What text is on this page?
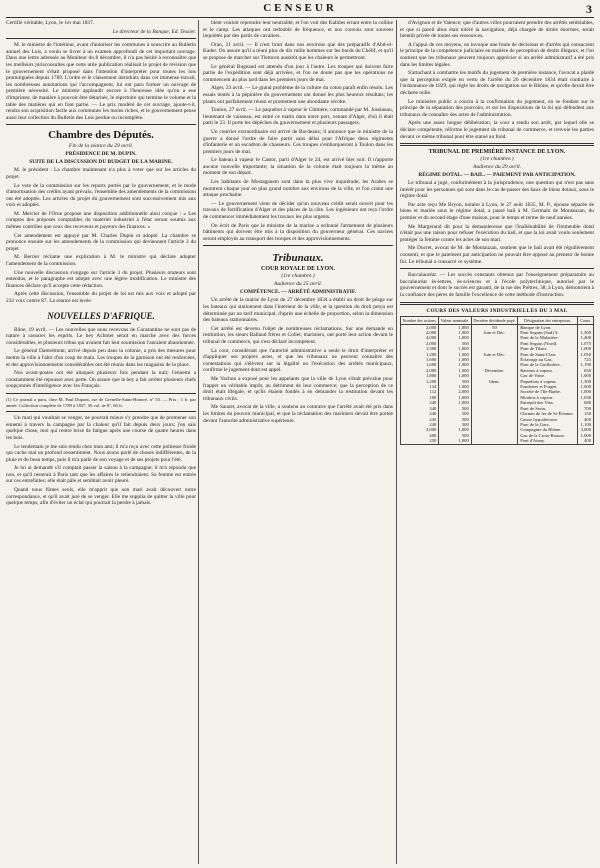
CENSEUR	3

Certifié véritable, Lyon, le 1er mai 1837.

Le directeur de la Banque, Ed. Tessier.

M. le ministre de l'intérieur, avant d'autoriser les communes à souscrire au Bulletin annuel des Lois, a voulu se livrer à un examen approfondi de cet important ouvrage. Dans une lettre adressée au Moniteur du 8 décembre, il n'a pas hésité à reconnaître que les meilleurs jurisconsultes que cette utile publication réalisait le projet de révision que le gouvernement s'était proposé dans l'intention d'interpréter pour toutes les lois promulguées depuis 1789. L'ordre et le classement introduits dans cet immense travail, les nombreuses annotations qui l'accompagnent, lui ont paru former un ouvrage de première nécessité. Le ministre applaudit encore à l'heureuse idée qu'on a eue d'imprimer, de manière à pouvoir être détachés, le répertoire qui termine le volume et la table des matières qui en font partie. — Le prix modéré de cet ouvrage, ajoute-t-il, rendra son acquisition facile aux communes les moins riches, et le gouvernement pense aussi leur collection du Bulletin des Lois perdue ou incomplète.

Chambre des Députés.
Fin de la séance du 29 avril.
PRÉSIDENCE DE M. DUPIN.
SUITE DE LA DISCUSSION DU BUDGET DE LA MARINE.

M. le président : La chambre maintenant n'a plus à voter que sur les articles du projet.

Le vote de la commission sur les reports portés par le gouvernement, et le mode d'amortisation des crédits ayant prévalu, l'ensemble des amendements de la commission ont été adoptés. Les articles du projet du gouvernement sont successivement mis aux voix et adoptés.

M. Mercier de l'Orne propose une disposition additionnelle ainsi conçue : « Les comptes des préposés comptables du matériel industriel à l'état seront soumis aux mêmes contrôles que ceux des receveurs et payeurs des finances. »

Cet amendement est appuyé par M. Charles Dupin et adopté. La chambre se prononce ensuite sur les amendements de la commission qui deviennent l'article 2 du projet.

M. Berrier réclame une explication à M. le ministre qui déclare adopter l'amendement de la commission.

Une nouvelle discussion s'engage sur l'article 3 du projet. Plusieurs orateurs sont entendus, et le paragraphe est adopté avec une légère modification. Le ministre des finances déclare qu'il accepte cette rédaction.

Après cette discussion, l'ensemble du projet de loi est mis aux voix et adopté par 232 voix contre 87. La séance est levée.

NOUVELLES D'AFRIQUE.

Bône, 19 avril. — Les nouvelles que nous recevons de Constantine ne sont pas de nature à rassurer les esprits. Le bey Achmet serait en marche avec des forces considérables, et plusieurs tribus qui avaient fait leur soumission l'auraient abandonnée.

Le général Damrémont, arrivé depuis peu dans la colonie, a pris des mesures pour mettre la ville à l'abri d'un coup de main. Les troupes de la garnison ont été renforcées, et des approvisionnements considérables ont été réunis dans les magasins de la place.

Nos avant-postes ont été attaqués plusieurs fois pendant la nuit; l'ennemi a constamment été repoussé avec perte. On assure que le bey a fait arrêter plusieurs chefs soupçonnés d'intelligence avec les Français.

(1) Ce journal a paru, chez M. Paul Dupont, rue de Grenelle-Saint-Honoré, n° 55. — Prix : 1 fr. par année. Collection complète de 1789 à 1837, 36 vol. in-8°, 60 fr.

Un mari qui voudrait se venger, ne pourrait mieux s'y prendre que de promener son ennemi à travers la campagne par la chaleur qu'il fait depuis deux jours; j'en sais quelque chose, moi qui rentre brisé de fatigue après une course de quatre heures dans les bois.

Le lendemain je me suis rendu chez mon ami; il m'a reçu avec cette politesse froide qui cache mal un profond ressentiment. Nous avons parlé de choses indifférentes, de la pluie et du beau temps, puis il m'a parlé de son voyage et de ses projets pour l'été.

Je lui ai demandé s'il comptait passer la saison à la campagne; il m'a répondu que non, et qu'il resterait à Paris tant que les affaires le retiendraient. Sa femme est entrée sur ces entrefaites; elle était pâle et semblait avoir pleuré.

Quand nous fûmes seuls, elle m'apprit que son mari avait découvert notre correspondance, et qu'il avait juré de se venger. Elle me supplia de quitter la ville pour quelque temps, afin d'éviter un éclat qui pourrait la perdre à jamais.

blent vouloir reprendre leur neutralité, et l'on voit des Kabiles errant entre la colline et le camp. Les attaques ont redoublé de fréquence, et nos convois sont souvent inquiétés par des partis de cavaliers.

Oran, 21 avril. — Il n'est bruit dans nos environs que des préparatifs d'Abd-el-Kader. On assure qu'il a réuni plus de dix mille hommes sur les bords du Chélif, et qu'il se propose de marcher sur Tlemcen aussitôt que les chaleurs le permettront.

Le général Bugeaud est attendu d'un jour à l'autre. Les troupes qui doivent faire partie de l'expédition sont déjà arrivées, et l'on ne doute pas que les opérations ne commencent au plus tard dans les premiers jours de mai.

Alger, 23 avril. — Le grand problème de la culture du coton paraît enfin résolu. Les essais tentés à la pépinière du gouvernement ont donné les plus heureux résultats; les plants ont parfaitement réussi et promettent une abondante récolte.

Toulon, 27 avril. — Le paquebot à vapeur le Chimère, commandé par M. Jossineau, lieutenant de vaisseau, est entré ce matin dans notre port, venant d'Alger, d'où il était parti le 23. Il porte les dépêches du gouvernement et plusieurs passagers.

Un courrier extraordinaire est arrivé de Bordeaux; il annonce que le ministre de la guerre a donné l'ordre de faire partir sans délai pour l'Afrique deux régiments d'infanterie et un escadron de chasseurs. Ces troupes s'embarqueront à Toulon dans les premiers jours de mai.

Le bateau à vapeur le Castor, parti d'Alger le 24, est arrivé hier soir. Il n'apporte aucune nouvelle importante; la situation de la colonie était toujours la même au moment de son départ.

Les habitants de Mostaganem sont dans la plus vive inquiétude; les Arabes se montrent chaque jour en plus grand nombre aux environs de la ville, et l'on craint une attaque prochaine.

— Le gouvernement vient de décider qu'un nouveau crédit serait ouvert pour les travaux de fortification d'Alger et des places de la côte. Les ingénieurs ont reçu l'ordre de commencer immédiatement les travaux les plus urgents.

On écrit de Paris que le ministre de la marine a ordonné l'armement de plusieurs bâtiments qui doivent être mis à la disposition du gouverneur général. Ces navires seront employés au transport des troupes et des approvisionnements.

Tribunaux.
COUR ROYALE DE LYON.
(1re chambre.)
Audience du 25 avril.
COMPÉTENCE. — ARRÊTÉ ADMINISTRATIF.

Un arrêté de la mairie de Lyon du 27 décembre 1834 a établi un droit de péage sur les bateaux qui stationnent dans l'intérieur de la ville, et la question du droit perçu est déterminée par un tarif municipal, d'après une échelle de proportion, selon la dimension des bateaux stationnaires.

Cet arrêté est devenu l'objet de nombreuses réclamations. Sur une demande en restitution, les sieurs Ballaud frères et Collet, mariniers, ont porté leur action devant le tribunal de commerce, qui s'est déclaré incompétent.

La cour, considérant que l'autorité administrative a seule le droit d'interpréter et d'appliquer ses propres actes, et que les tribunaux ne peuvent connaître des contestations qui s'élèvent sur la légalité ou l'exécution des arrêtés municipaux, confirme le jugement dont est appel.

Me Vachon a exposé pour les appelants que la ville de Lyon s'était prévalue pour frapper un véritable impôt, au détriment de leur commerce; que la perception de ce droit était illégale, et qu'ils étaient fondés à en demander la restitution devant les tribunaux civils.

Me Sauzet, avocat de la ville, a soutenu au contraire que l'arrêté avait été pris dans les limites du pouvoir municipal, et que la réclamation des mariniers devait être portée devant l'autorité administrative supérieure.

d'Avignon et de Valence; que d'autres villes pourraient prendre des arrêtés semblables, et que si pareil abus était toléré la navigation, déjà chargée de droits énormes, serait bientôt privée de toutes ses ressources.

A l'appui de ces moyens, on invoque une foule de décisions et d'arrêts qui consacrent le principe de la compétence judiciaire en matière de perception de droits illégaux, et l'on soutient que les tribunaux peuvent toujours apprécier si un arrêté administratif a été pris dans les limites légales.

S'attachant à combattre les motifs du jugement de première instance, l'avocat a plaidé que la perception exigée en vertu de l'arrêté du 26 décembre 1834 était contraire à l'ordonnance de 1829, qui règle les droits de navigation sur le Rhône, et qu'elle devait être déclarée nulle.

Le ministère public a conclu à la confirmation du jugement, en se fondant sur le principe de la séparation des pouvoirs, et sur les dispositions de la loi qui défendent aux tribunaux de connaître des actes de l'administration.

Après une assez longue délibération, la cour a rendu son arrêt, par lequel elle se déclare compétente, réforme le jugement du tribunal de commerce, et renvoie les parties devant ce même tribunal pour être statué au fond.

TRIBUNAL DE PREMIÈRE INSTANCE DE LYON.
(1re chambre.)
Audience du 29 avril.
RÉGIME DOTAL. — BAIL. — PAIEMENT PAR ANTICIPATION.

Le tribunal a jugé, conformément à la jurisprudence, une question qui n'est pas sans intérêt pour les personnes qui sont dans le cas de passer des baux de biens dotaux, sous le régime dotal.

Par acte reçu Me Bryon, notaire à Lyon, le 27 août 1835, M. P., épouse séparée de biens et mariée sous le régime dotal, a passé bail à M. Germain de Montauzan, du premier et du second étage d'une maison, pour le temps et terme de neuf années.

Me Margerand dit pour la demanderesse que l'inaliénabilité de l'immeuble dotal n'était pas une raison pour refuser l'exécution du bail, et que la loi avait voulu seulement protéger la femme contre les actes de son mari.

Me Ducret, avocat de M. de Montauzan, soutient que le bail avait été régulièrement consenti, et que le paiement par anticipation ne pouvait être opposé au preneur de bonne foi. Le tribunal a consacré ce système.

Baccalauréat. — Les succès constants obtenus par l'enseignement préparatoire au baccalauréat ès-lettres, ès-sciences et à l'école polytechnique, autorisé par le gouvernement et dont le succès est garanti, de la rue des Prêtres, 38, à Lyon, démontrent à la confiance des pères de famille l'excellence de cette méthode d'instruction.

COURS DES VALEURS INDUSTRIELLES DU 3 MAI.
Nombre des actions.	Valeur nominale.	Dernière dividende payé.	Désignation des entreprises.	Cours.
2,000	1,000	50	Banque de Lyon.	
4,000	1,000	Juin et Déc.	Pont Seguin (Sud) S.	1,300
4,000	1,000		Pont de la Mulatière.	1,400
2,000	500		Pont Seguin (Nord).	1,075
1,500	1,000		Pont de Tilsitt.	1,000
1,200	1,000	Juin et Déc.	Pont de Saint-Clair.	1,050
1,600	1,000		Éclairage au Gaz.	725
1,600	1,000		Pont de la Guillotière.	1,190
2,000	1,000	Décembre.	Bateaux à vapeur.	650
1,800	1,000		Gaz de Vaise.	1,000
1,200	500	Idem.	Paquebots à vapeur.	1,300
134	1,000		Fonderies et Forges.	1,600
112	2,000		Société de l'Ile-Barbe.	1,000
100	1,000		Moulins à vapeur.	1,030
240	1,000		Entrepôt des Vins.	680
340	500		Pont de Serin.	700
240	500		Chemin de fer de St-Étienne.	150
245	500		Caisse hypothécaire.	400
240	500		Pont de la Gare.	1,100
2,000	1,000		Compagnie du Rhône.	3,000
400	500		Gaz de la Croix-Rousse.	1,000
250	1,000		Pont d'Ainay.	400
